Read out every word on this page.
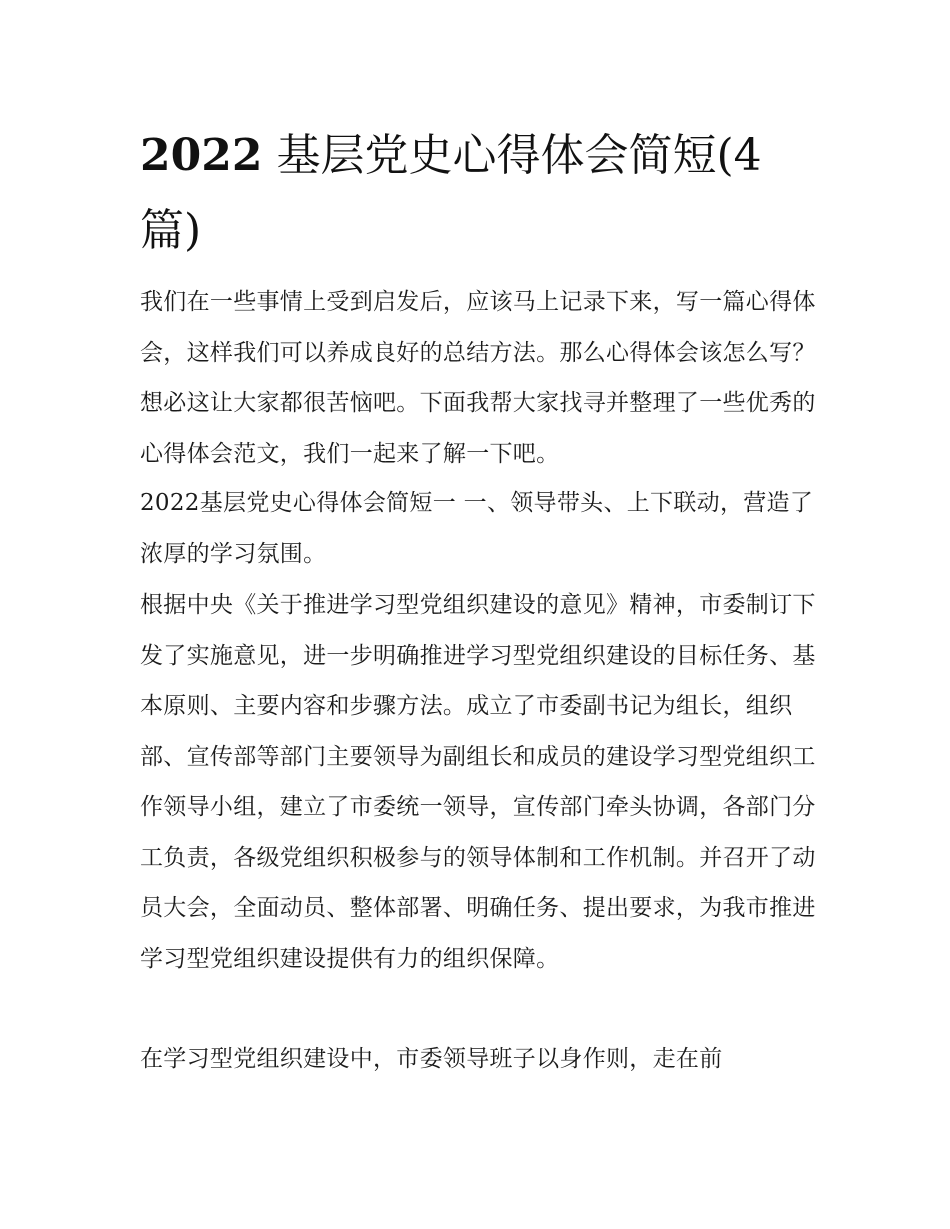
2022 基层党史心得体会简短(4篇)

我们在一些事情上受到启发后，应该马上记录下来，写一篇心得体会，这样我们可以养成良好的总结方法。那么心得体会该怎么写？想必这让大家都很苦恼吧。下面我帮大家找寻并整理了一些优秀的心得体会范文，我们一起来了解一下吧。

2022基层党史心得体会简短一 一、领导带头、上下联动，营造了浓厚的学习氛围。

根据中央《关于推进学习型党组织建设的意见》精神，市委制订下发了实施意见，进一步明确推进学习型党组织建设的目标任务、基本原则、主要内容和步骤方法。成立了市委副书记为组长，组织部、宣传部等部门主要领导为副组长和成员的建设学习型党组织工作领导小组，建立了市委统一领导，宣传部门牵头协调，各部门分工负责，各级党组织积极参与的领导体制和工作机制。并召开了动员大会，全面动员、整体部署、明确任务、提出要求，为我市推进学习型党组织建设提供有力的组织保障。

在学习型党组织建设中，市委领导班子以身作则，走在前
